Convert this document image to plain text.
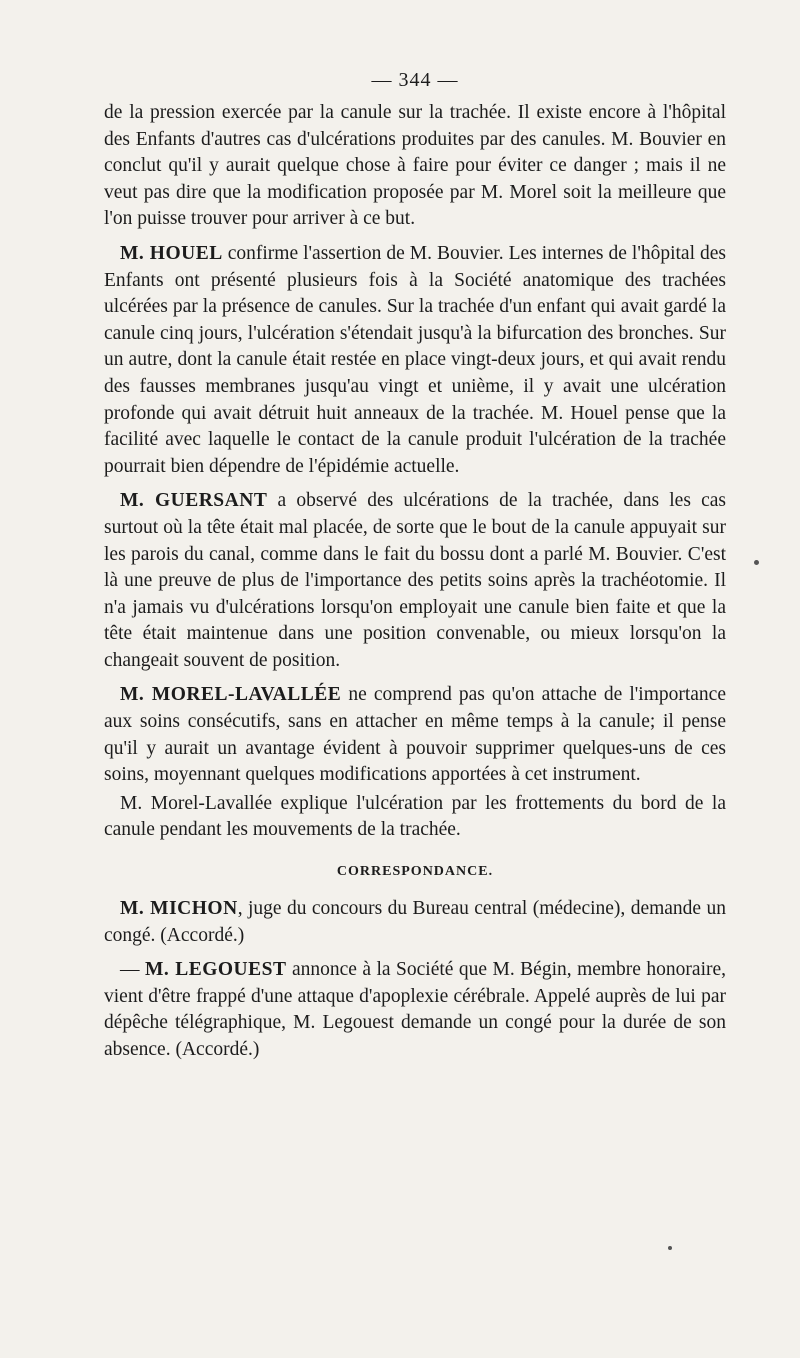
— 344 —

de la pression exercée par la canule sur la trachée. Il existe encore à l'hôpital des Enfants d'autres cas d'ulcérations produites par des canules. M. Bouvier en conclut qu'il y aurait quelque chose à faire pour éviter ce danger ; mais il ne veut pas dire que la modification proposée par M. Morel soit la meilleure que l'on puisse trouver pour arriver à ce but.

M. HOUEL confirme l'assertion de M. Bouvier. Les internes de l'hôpital des Enfants ont présenté plusieurs fois à la Société anatomique des trachées ulcérées par la présence de canules. Sur la trachée d'un enfant qui avait gardé la canule cinq jours, l'ulcération s'étendait jusqu'à la bifurcation des bronches. Sur un autre, dont la canule était restée en place vingt-deux jours, et qui avait rendu des fausses membranes jusqu'au vingt et unième, il y avait une ulcération profonde qui avait détruit huit anneaux de la trachée. M. Houel pense que la facilité avec laquelle le contact de la canule produit l'ulcération de la trachée pourrait bien dépendre de l'épidémie actuelle.

M. GUERSANT a observé des ulcérations de la trachée, dans les cas surtout où la tête était mal placée, de sorte que le bout de la canule appuyait sur les parois du canal, comme dans le fait du bossu dont a parlé M. Bouvier. C'est là une preuve de plus de l'importance des petits soins après la trachéotomie. Il n'a jamais vu d'ulcérations lorsqu'on employait une canule bien faite et que la tête était maintenue dans une position convenable, ou mieux lorsqu'on la changeait souvent de position.

M. MOREL-LAVALLÉE ne comprend pas qu'on attache de l'importance aux soins consécutifs, sans en attacher en même temps à la canule; il pense qu'il y aurait un avantage évident à pouvoir supprimer quelques-uns de ces soins, moyennant quelques modifications apportées à cet instrument.

M. Morel-Lavallée explique l'ulcération par les frottements du bord de la canule pendant les mouvements de la trachée.

CORRESPONDANCE.

M. MICHON, juge du concours du Bureau central (médecine), demande un congé. (Accordé.)

— M. LEGOUEST annonce à la Société que M. Bégin, membre honoraire, vient d'être frappé d'une attaque d'apoplexie cérébrale. Appelé auprès de lui par dépêche télégraphique, M. Legouest demande un congé pour la durée de son absence. (Accordé.)
